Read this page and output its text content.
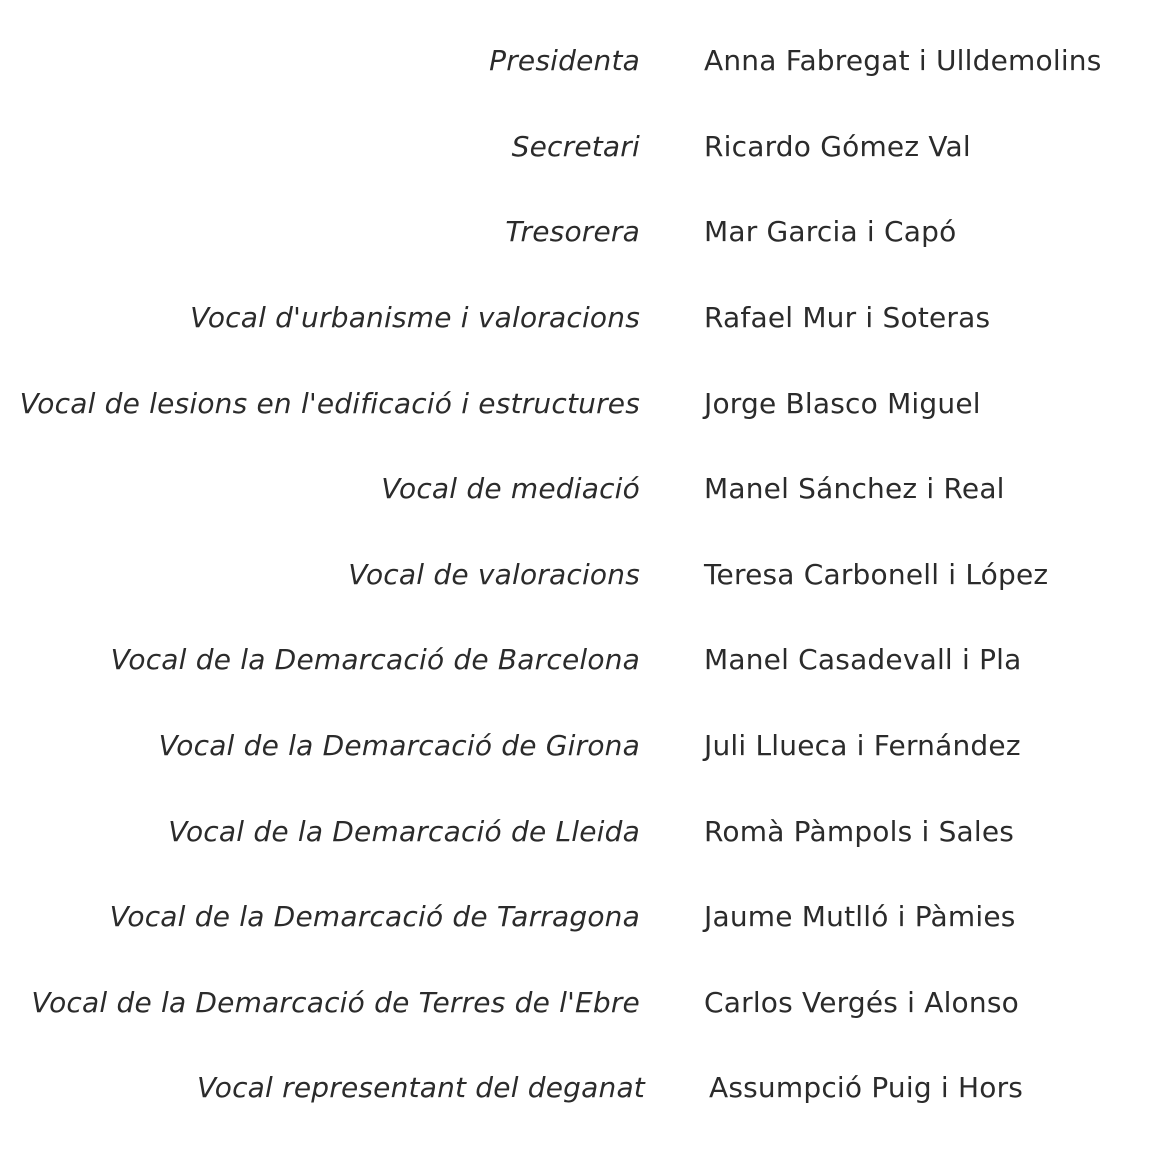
Presidenta	Anna Fabregat i Ulldemolins
Secretari	Ricardo Gómez Val
Tresorera	Mar Garcia i Capó
Vocal d'urbanisme i valoracions	Rafael Mur i Soteras
Vocal de lesions en l'edificació i estructures	Jorge Blasco Miguel
Vocal de mediació	Manel Sánchez i Real
Vocal de valoracions	Teresa Carbonell i López
Vocal de la Demarcació de Barcelona	Manel Casadevall i Pla
Vocal de la Demarcació de Girona	Juli Llueca i Fernández
Vocal de la Demarcació de Lleida	Romà Pàmpols i Sales
Vocal de la Demarcació de Tarragona	Jaume Mutlló i Pàmies
Vocal de la Demarcació de Terres de l'Ebre	Carlos Vergés i Alonso
Vocal representant del deganat	Assumpció Puig i Hors
